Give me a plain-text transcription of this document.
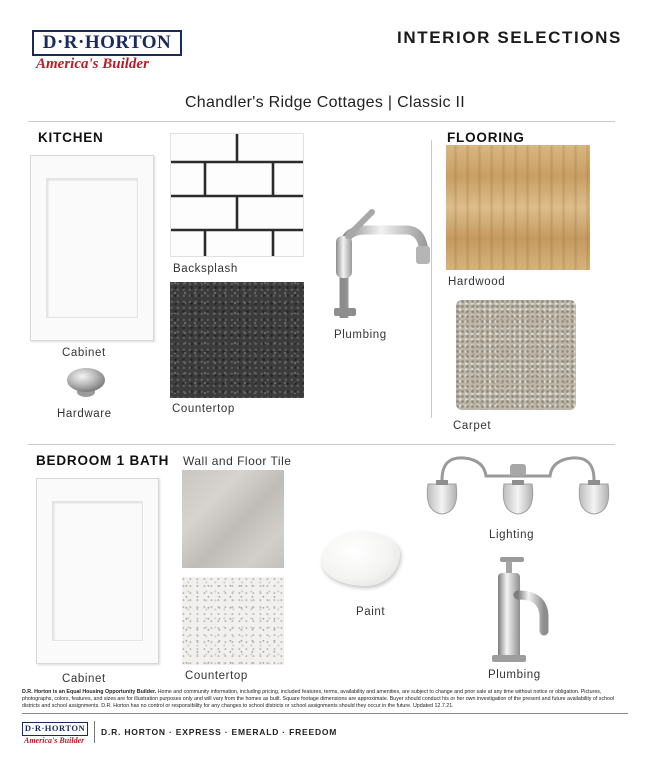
D·R·HORTON
America's Builder
INTERIOR SELECTIONS
Chandler's Ridge Cottages | Classic II
KITCHEN
Cabinet
Hardware
Backsplash
Countertop
Plumbing
FLOORING
Hardwood
Carpet
BEDROOM 1 BATH Wall and Floor Tile
Cabinet	Countertop
Paint
Lighting
Plumbing
D.R. Horton is an Equal Housing Opportunity Builder. Home and community information, including pricing, included features, terms, availability and amenities, are subject to change and prior sale at any time without notice or obligation. Pictures, photographs, colors, features, and sizes are for illustration purposes only and will vary from the homes as built. Square footage dimensions are approximate. Buyer should conduct his or her own investigation of the present and future availability of school districts and school assignments. D.R. Horton has no control or responsibility for any changes to school districts or school assignments should they occur in the future. Updated 12.7.21.
D·R·HORTON
America's Builder
D.R. HORTON · EXPRESS · EMERALD · FREEDOM
